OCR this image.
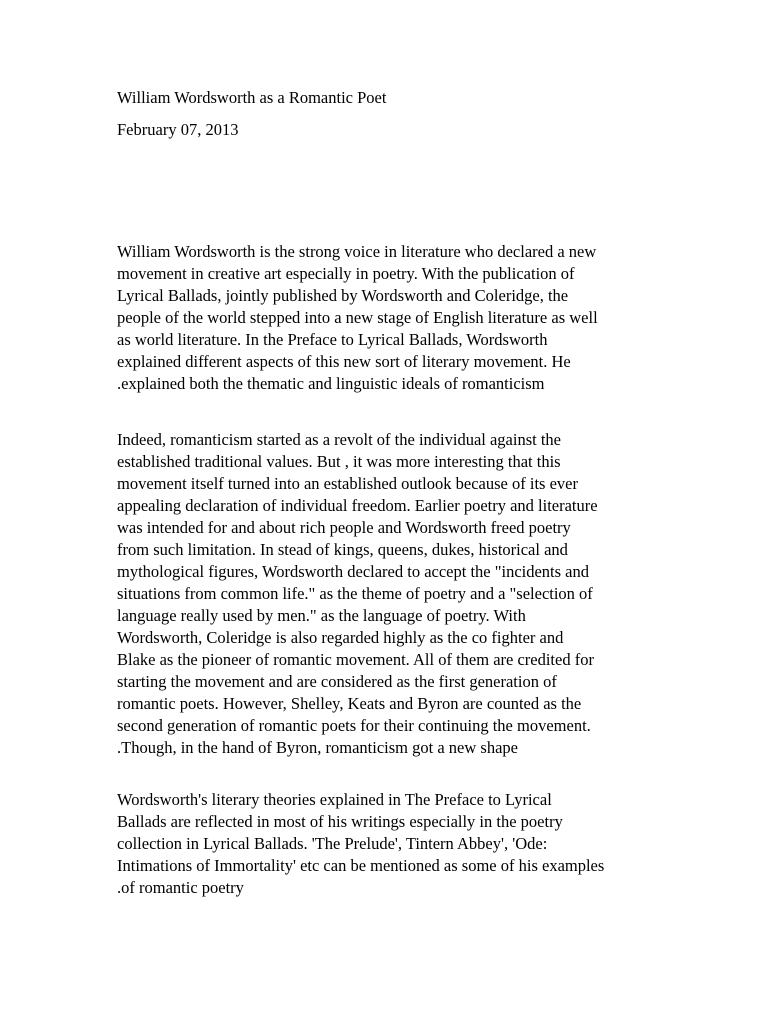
William Wordsworth as a Romantic Poet
February 07, 2013
William Wordsworth is the strong voice in literature who declared a new
movement in creative art especially in poetry. With the publication of
Lyrical Ballads, jointly published by Wordsworth and Coleridge, the
people of the world stepped into a new stage of English literature as well
as world literature. In the Preface to Lyrical Ballads, Wordsworth
explained different aspects of this new sort of literary movement. He
.explained both the thematic and linguistic ideals of romanticism
Indeed, romanticism started as a revolt of the individual against the
established traditional values. But , it was more interesting that this
movement itself turned into an established outlook because of its ever
appealing declaration of individual freedom. Earlier poetry and literature
was intended for and about rich people and Wordsworth freed poetry
from such limitation. In stead of kings, queens, dukes, historical and
mythological figures, Wordsworth declared to accept the "incidents and
situations from common life." as the theme of poetry and a "selection of
language really used by men." as the language of poetry. With
Wordsworth, Coleridge is also regarded highly as the co fighter and
Blake as the pioneer of romantic movement. All of them are credited for
starting the movement and are considered as the first generation of
romantic poets. However, Shelley, Keats and Byron are counted as the
second generation of romantic poets for their continuing the movement.
.Though, in the hand of Byron, romanticism got a new shape
Wordsworth's literary theories explained in The Preface to Lyrical
Ballads are reflected in most of his writings especially in the poetry
collection in Lyrical Ballads. 'The Prelude', Tintern Abbey', 'Ode:
Intimations of Immortality' etc can be mentioned as some of his examples
.of romantic poetry
